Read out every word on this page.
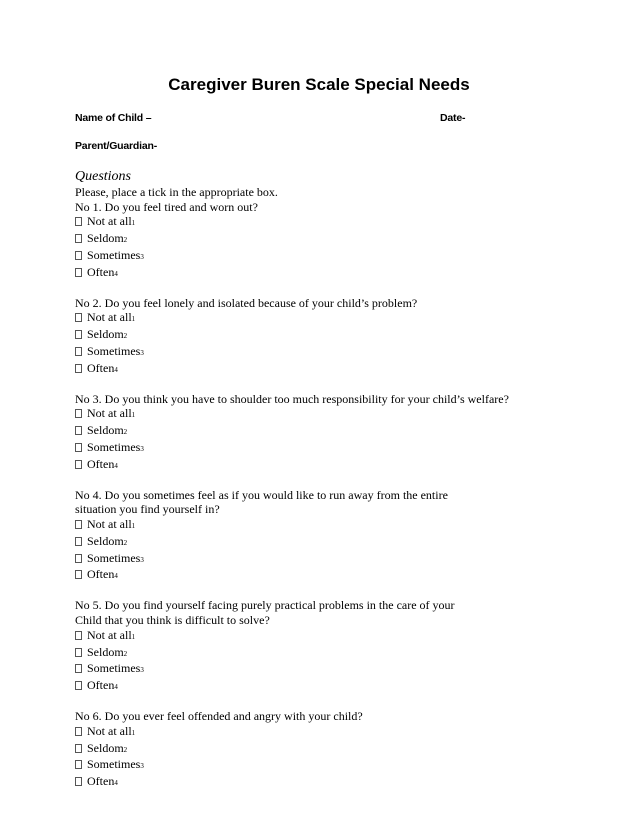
Caregiver Buren Scale Special Needs
Name of Child –	Date-
Parent/Guardian-
Questions
Please, place a tick in the appropriate box.
No 1. Do you feel tired and worn out?
Not at all1
Seldom2
Sometimes3
Often4
No 2. Do you feel lonely and isolated because of your child’s problem?
Not at all1
Seldom2
Sometimes3
Often4
No 3. Do you think you have to shoulder too much responsibility for your child’s welfare?
Not at all1
Seldom2
Sometimes3
Often4
No 4. Do you sometimes feel as if you would like to run away from the entire
situation you find yourself in?
Not at all1
Seldom2
Sometimes3
Often4
No 5. Do you find yourself facing purely practical problems in the care of your
Child that you think is difficult to solve?
Not at all1
Seldom2
Sometimes3
Often4
No 6. Do you ever feel offended and angry with your child?
Not at all1
Seldom2
Sometimes3
Often4
